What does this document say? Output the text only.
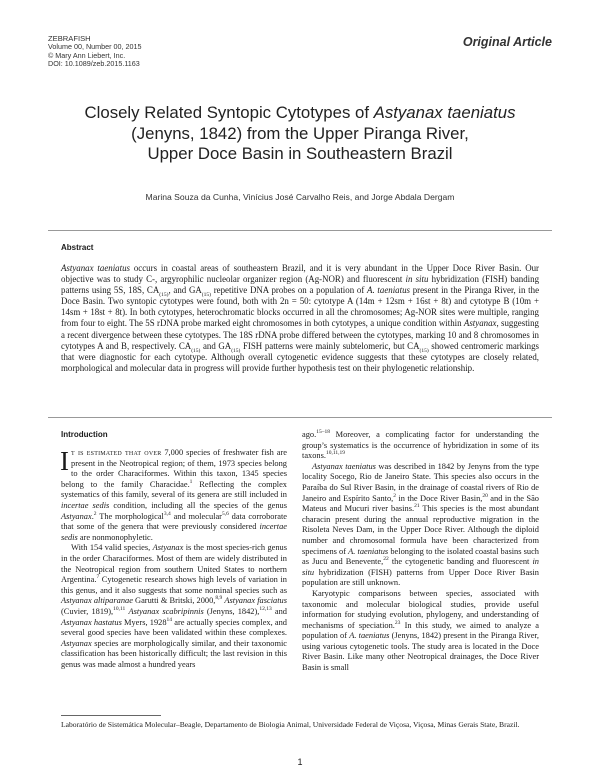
ZEBRAFISH
Volume 00, Number 00, 2015
© Mary Ann Liebert, Inc.
DOI: 10.1089/zeb.2015.1163
Original Article
Closely Related Syntopic Cytotypes of Astyanax taeniatus
(Jenyns, 1842) from the Upper Piranga River,
Upper Doce Basin in Southeastern Brazil
Marina Souza da Cunha, Vinícius José Carvalho Reis, and Jorge Abdala Dergam
Abstract
Astyanax taeniatus occurs in coastal areas of southeastern Brazil, and it is very abundant in the Upper Doce River Basin. Our objective was to study C-, argyrophilic nucleolar organizer region (Ag-NOR) and fluorescent in situ hybridization (FISH) banding patterns using 5S, 18S, $CA_{(15)}$, and $GA_{(15)}$ repetitive DNA probes on a population of A. taeniatus present in the Piranga River, in the Doce Basin. Two syntopic cytotypes were found, both with 2n = 50: cytotype A (14m + 12sm + 16st + 8t) and cytotype B (10m + 14sm + 18st + 8t). In both cytotypes, heterochromatic blocks occurred in all the chromosomes; Ag-NOR sites were multiple, ranging from four to eight. The 5S rDNA probe marked eight chromosomes in both cytotypes, a unique condition within Astyanax, suggesting a recent divergence between these cytotypes. The 18S rDNA probe differed between the cytotypes, marking 10 and 8 chromosomes in cytotypes A and B, respectively. $CA_{(15)}$ and $GA_{(15)}$ FISH patterns were mainly subtelomeric, but $CA_{(15)}$ showed centromeric markings that were diagnostic for each cytotype. Although overall cytogenetic evidence suggests that these cytotypes are closely related, morphological and molecular data in progress will provide further hypothesis test on their phylogenetic relationship.
Introduction

It is estimated that over 7,000 species of freshwater fish are present in the Neotropical region; of them, 1973 species belong to the order Characiformes. Within this taxon, 1345 species belong to the family Characidae.$^1$ Reflecting the complex systematics of this family, several of its genera are still included in incertae sedis condition, including all the species of the genus Astyanax.$^2$ The morphological$^{3,4}$ and molecular$^{5,6}$ data corroborate that some of the genera that were previously considered incertae sedis are nonmonophyletic.

With 154 valid species, Astyanax is the most species-rich genus in the order Characiformes. Most of them are widely distributed in the Neotropical region from southern United States to northern Argentina.$^7$ Cytogenetic research shows high levels of variation in this genus, and it also suggests that some nominal species such as Astyanax altiparanae Garutti & Britski, 2000,$^{8,9}$ Astyanax fasciatus (Cuvier, 1819),$^{10,11}$ Astyanax scabripinnis (Jenyns, 1842),$^{12,13}$ and Astyanax hastatus Myers, 1928$^{14}$ are actually species complex, and several good species have been validated within these complexes. Astyanax species are morphologically similar, and their taxonomic classification has been historically difficult; the last revision in this genus was made almost a hundred years

ago.$^{15-18}$ Moreover, a complicating factor for understanding the group’s systematics is the occurrence of hybridization in some of its taxons.$^{10,11,19}$

Astyanax taeniatus was described in 1842 by Jenyns from the type locality Socego, Rio de Janeiro State. This species also occurs in the Paraíba do Sul River Basin, in the drainage of coastal rivers of Rio de Janeiro and Espírito Santo,$^2$ in the Doce River Basin,$^{20}$ and in the São Mateus and Mucuri river basins.$^{21}$ This species is the most abundant characin present during the annual reproductive migration in the Risoleta Neves Dam, in the Upper Doce River. Although the diploid number and chromosomal formula have been characterized from specimens of A. taeniatus belonging to the isolated coastal basins such as Jucu and Benevente,$^{22}$ the cytogenetic banding and fluorescent in situ hybridization (FISH) patterns from Upper Doce River Basin population are still unknown.

Karyotypic comparisons between species, associated with taxonomic and molecular biological studies, provide useful information for studying evolution, phylogeny, and understanding of mechanisms of speciation.$^{23}$ In this study, we aimed to analyze a population of A. taeniatus (Jenyns, 1842) present in the Piranga River, using various cytogenetic tools. The study area is located in the Doce River Basin. Like many other Neotropical drainages, the Doce River Basin is small

Laboratório de Sistemática Molecular–Beagle, Departamento de Biologia Animal, Universidade Federal de Viçosa, Viçosa, Minas Gerais State, Brazil.
1
